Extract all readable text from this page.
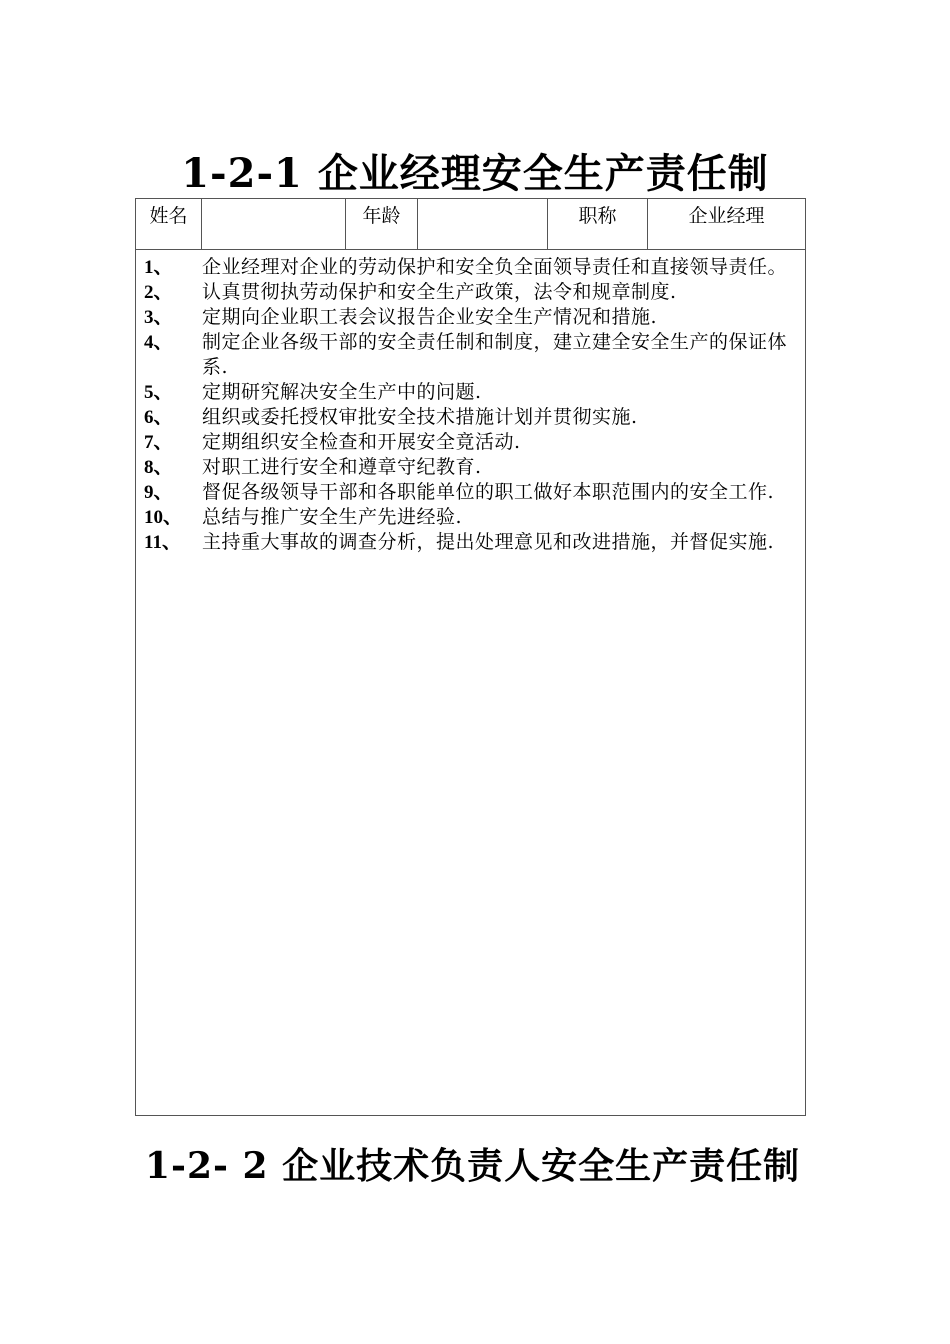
1-2-1 企业经理安全生产责任制
姓名		年龄		职称	企业经理

1、	企业经理对企业的劳动保护和安全负全面领导责任和直接领导责任。
2、	认真贯彻执劳动保护和安全生产政策，法令和规章制度.
3、	定期向企业职工表会议报告企业安全生产情况和措施.
4、	制定企业各级干部的安全责任制和制度，建立建全安全生产的保证体系.
5、	定期研究解决安全生产中的问题.
6、	组织或委托授权审批安全技术措施计划并贯彻实施.
7、	定期组织安全检查和开展安全竟活动.
8、	对职工进行安全和遵章守纪教育.
9、	督促各级领导干部和各职能单位的职工做好本职范围内的安全工作.
10、	总结与推广安全生产先进经验.
11、	主持重大事故的调查分析，提出处理意见和改进措施，并督促实施.
1-2- 2 企业技术负责人安全生产责任制
